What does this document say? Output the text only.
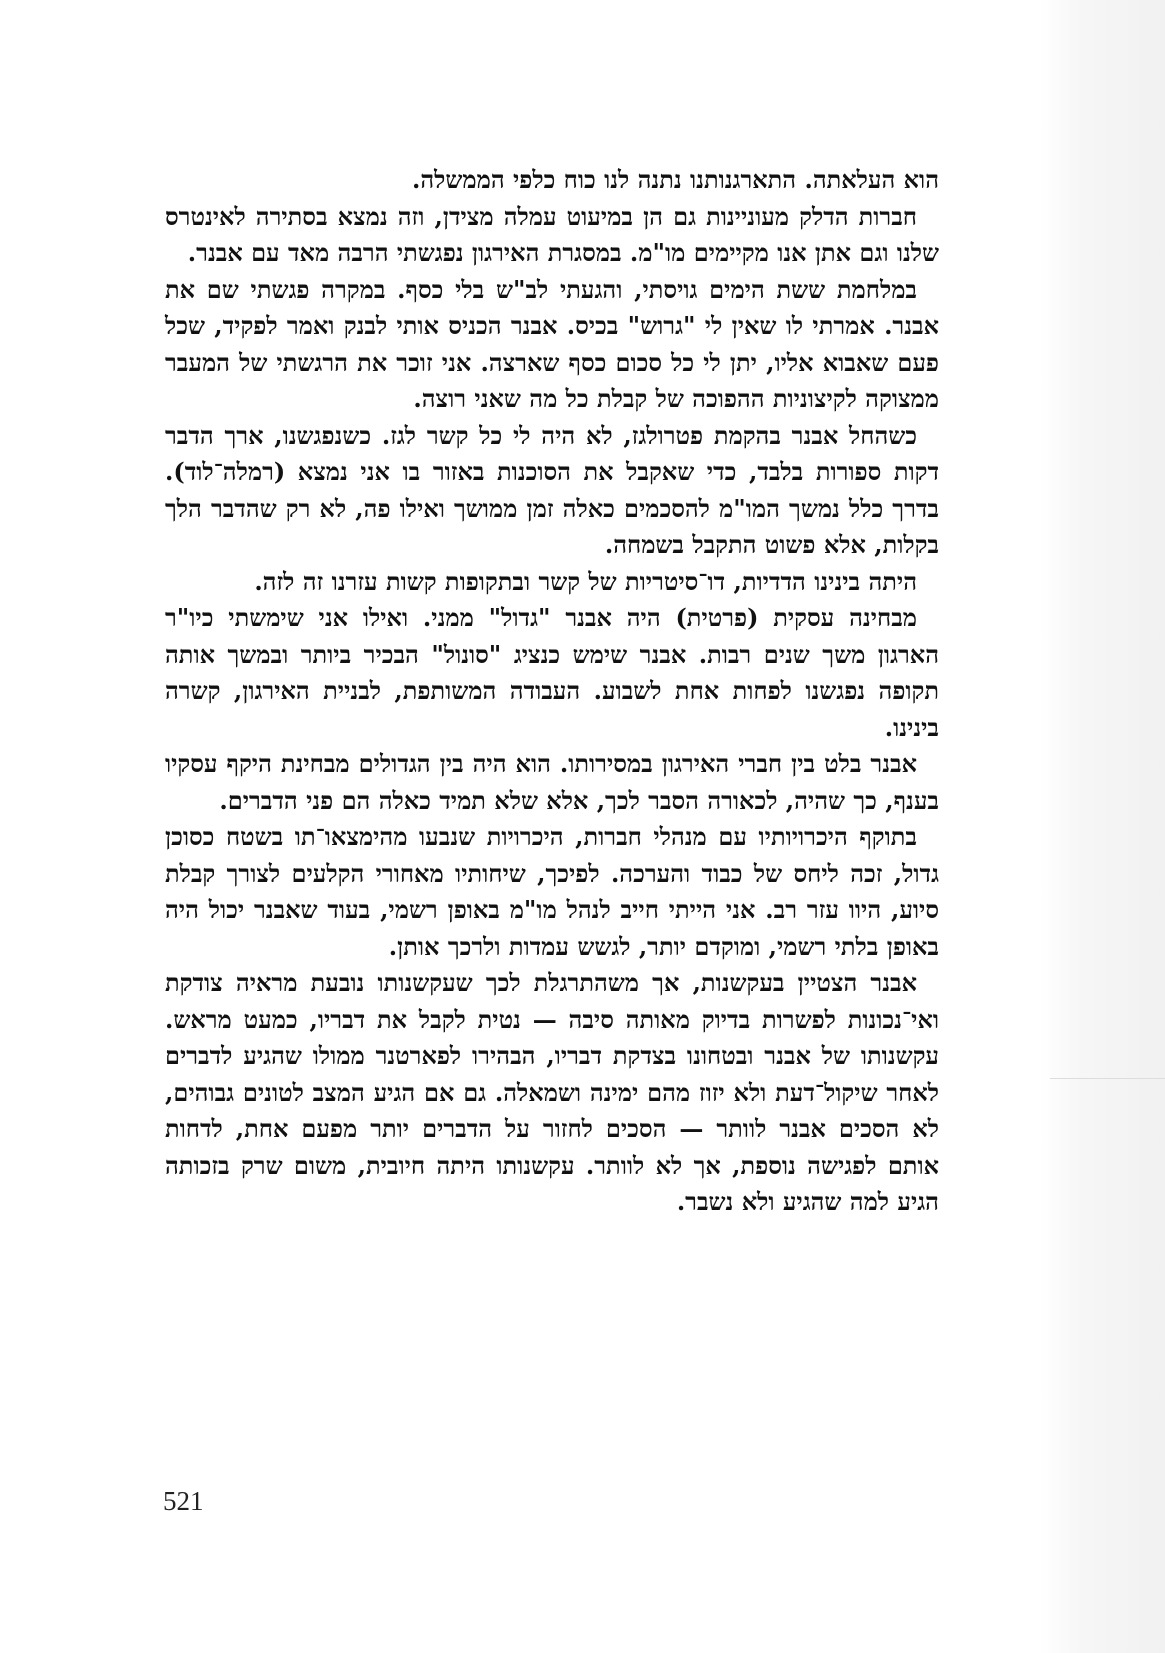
הוא העלאתה. התארגנותנו נתנה לנו כוח כלפי הממשלה.

חברות הדלק מעוניינות גם הן במיעוט עמלה מצידן, וזה נמצא בסתירה לאינטרס שלנו וגם אתן אנו מקיימים מו"מ. במסגרת האירגון נפגשתי הרבה מאד עם אבנר.

במלחמת ששת הימים גויסתי, והגעתי לב"ש בלי כסף. במקרה פגשתי שם את אבנר. אמרתי לו שאין לי "גרוש" בכיס. אבנר הכניס אותי לבנק ואמר לפקיד, שכל פעם שאבוא אליו, יתן לי כל סכום כסף שארצה. אני זוכר את הרגשתי של המעבר ממצוקה לקיצוניות ההפוכה של קבלת כל מה שאני רוצה.

כשהחל אבנר בהקמת פטרולגז, לא היה לי כל קשר לגז. כשנפגשנו, ארך הדבר דקות ספורות בלבד, כדי שאקבל את הסוכנות באזור בו אני נמצא (רמלה־לוד). בדרך כלל נמשך המו"מ להסכמים כאלה זמן ממושך ואילו פה, לא רק שהדבר הלך בקלות, אלא פשוט התקבל בשמחה.

היתה בינינו הדדיות, דו־סיטריות של קשר ובתקופות קשות עזרנו זה לזה.

מבחינה עסקית (פרטית) היה אבנר "גדול" ממני. ואילו אני שימשתי כיו"ר הארגון משך שנים רבות. אבנר שימש כנציג "סונול" הבכיר ביותר ובמשך אותה תקופה נפגשנו לפחות אחת לשבוע. העבודה המשותפת, לבניית האירגון, קשרה בינינו.

אבנר בלט בין חברי האירגון במסירותו. הוא היה בין הגדולים מבחינת היקף עסקיו בענף, כך שהיה, לכאורה הסבר לכך, אלא שלא תמיד כאלה הם פני הדברים.

בתוקף היכרויותיו עם מנהלי חברות, היכרויות שנבעו מהימצאו־תו בשטח כסוכן גדול, זכה ליחס של כבוד והערכה. לפיכך, שיחותיו מאחורי הקלעים לצורך קבלת סיוע, היוו עזר רב. אני הייתי חייב לנהל מו"מ באופן רשמי, בעוד שאבנר יכול היה באופן בלתי רשמי, ומוקדם יותר, לגשש עמדות ולרכך אותן.

אבנר הצטיין בעקשנות, אך משהתרגלת לכך שעקשנותו נובעת מראיה צודקת ואי־נכונות לפשרות בדיוק מאותה סיבה — נטית לקבל את דבריו, כמעט מראש. עקשנותו של אבנר ובטחונו בצדקת דבריו, הבהירו לפארטנר ממולו שהגיע לדברים לאחר שיקול־דעת ולא יזוז מהם ימינה ושמאלה. גם אם הגיע המצב לטונים גבוהים, לא הסכים אבנר לוותר — הסכים לחזור על הדברים יותר מפעם אחת, לדחות אותם לפגישה נוספת, אך לא לוותר. עקשנותו היתה חיובית, משום שרק בזכותה הגיע למה שהגיע ולא נשבר.

521
